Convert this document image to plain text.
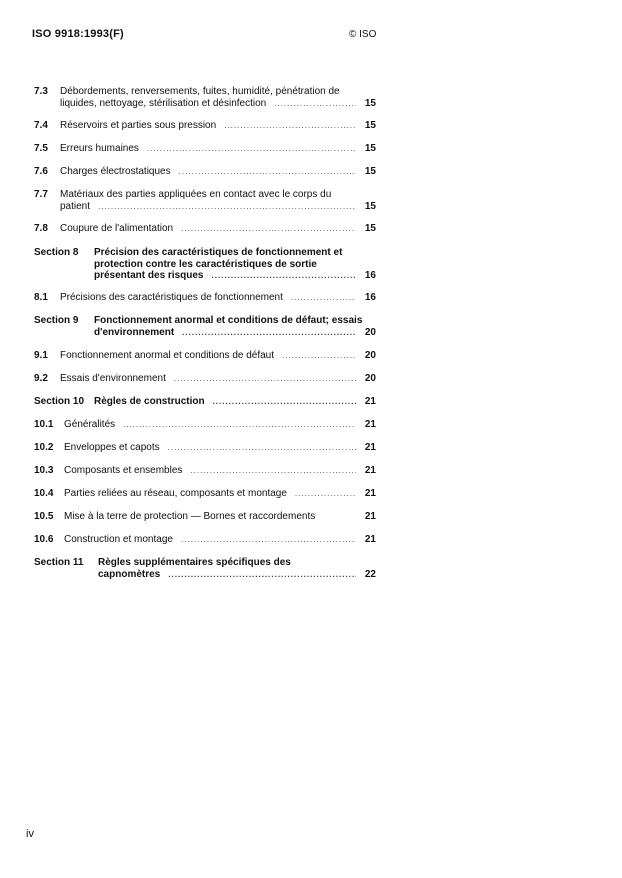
ISO 9918:1993(F)	© ISO
7.3 Débordements, renversements, fuites, humidité, pénétration de
liquides, nettoyage, stérilisation et désinfection .....	15
7.4 Réservoirs et parties sous pression .....	15
7.5 Erreurs humaines .....	15
7.6 Charges électrostatiques .....	15
7.7 Matériaux des parties appliquées en contact avec le corps du
patient .....	15
7.8 Coupure de l'alimentation .....	15
Section 8 Précision des caractéristiques de fonctionnement et
protection contre les caractéristiques de sortie
présentant des risques .....	16
8.1 Précisions des caractéristiques de fonctionnement .....	16
Section 9 Fonctionnement anormal et conditions de défaut; essais
d'environnement .....	20
9.1 Fonctionnement anormal et conditions de défaut .....	20
9.2 Essais d'environnement .....	20
Section 10 Règles de construction .....	21
10.1 Généralités .....	21
10.2 Enveloppes et capots .....	21
10.3 Composants et ensembles .....	21
10.4 Parties reliées au réseau, composants et montage .....	21
10.5 Mise à la terre de protection — Bornes et raccordements	21
10.6 Construction et montage .....	21
Section 11 Règles supplémentaires spécifiques des
capnomètres .....	22
iv
